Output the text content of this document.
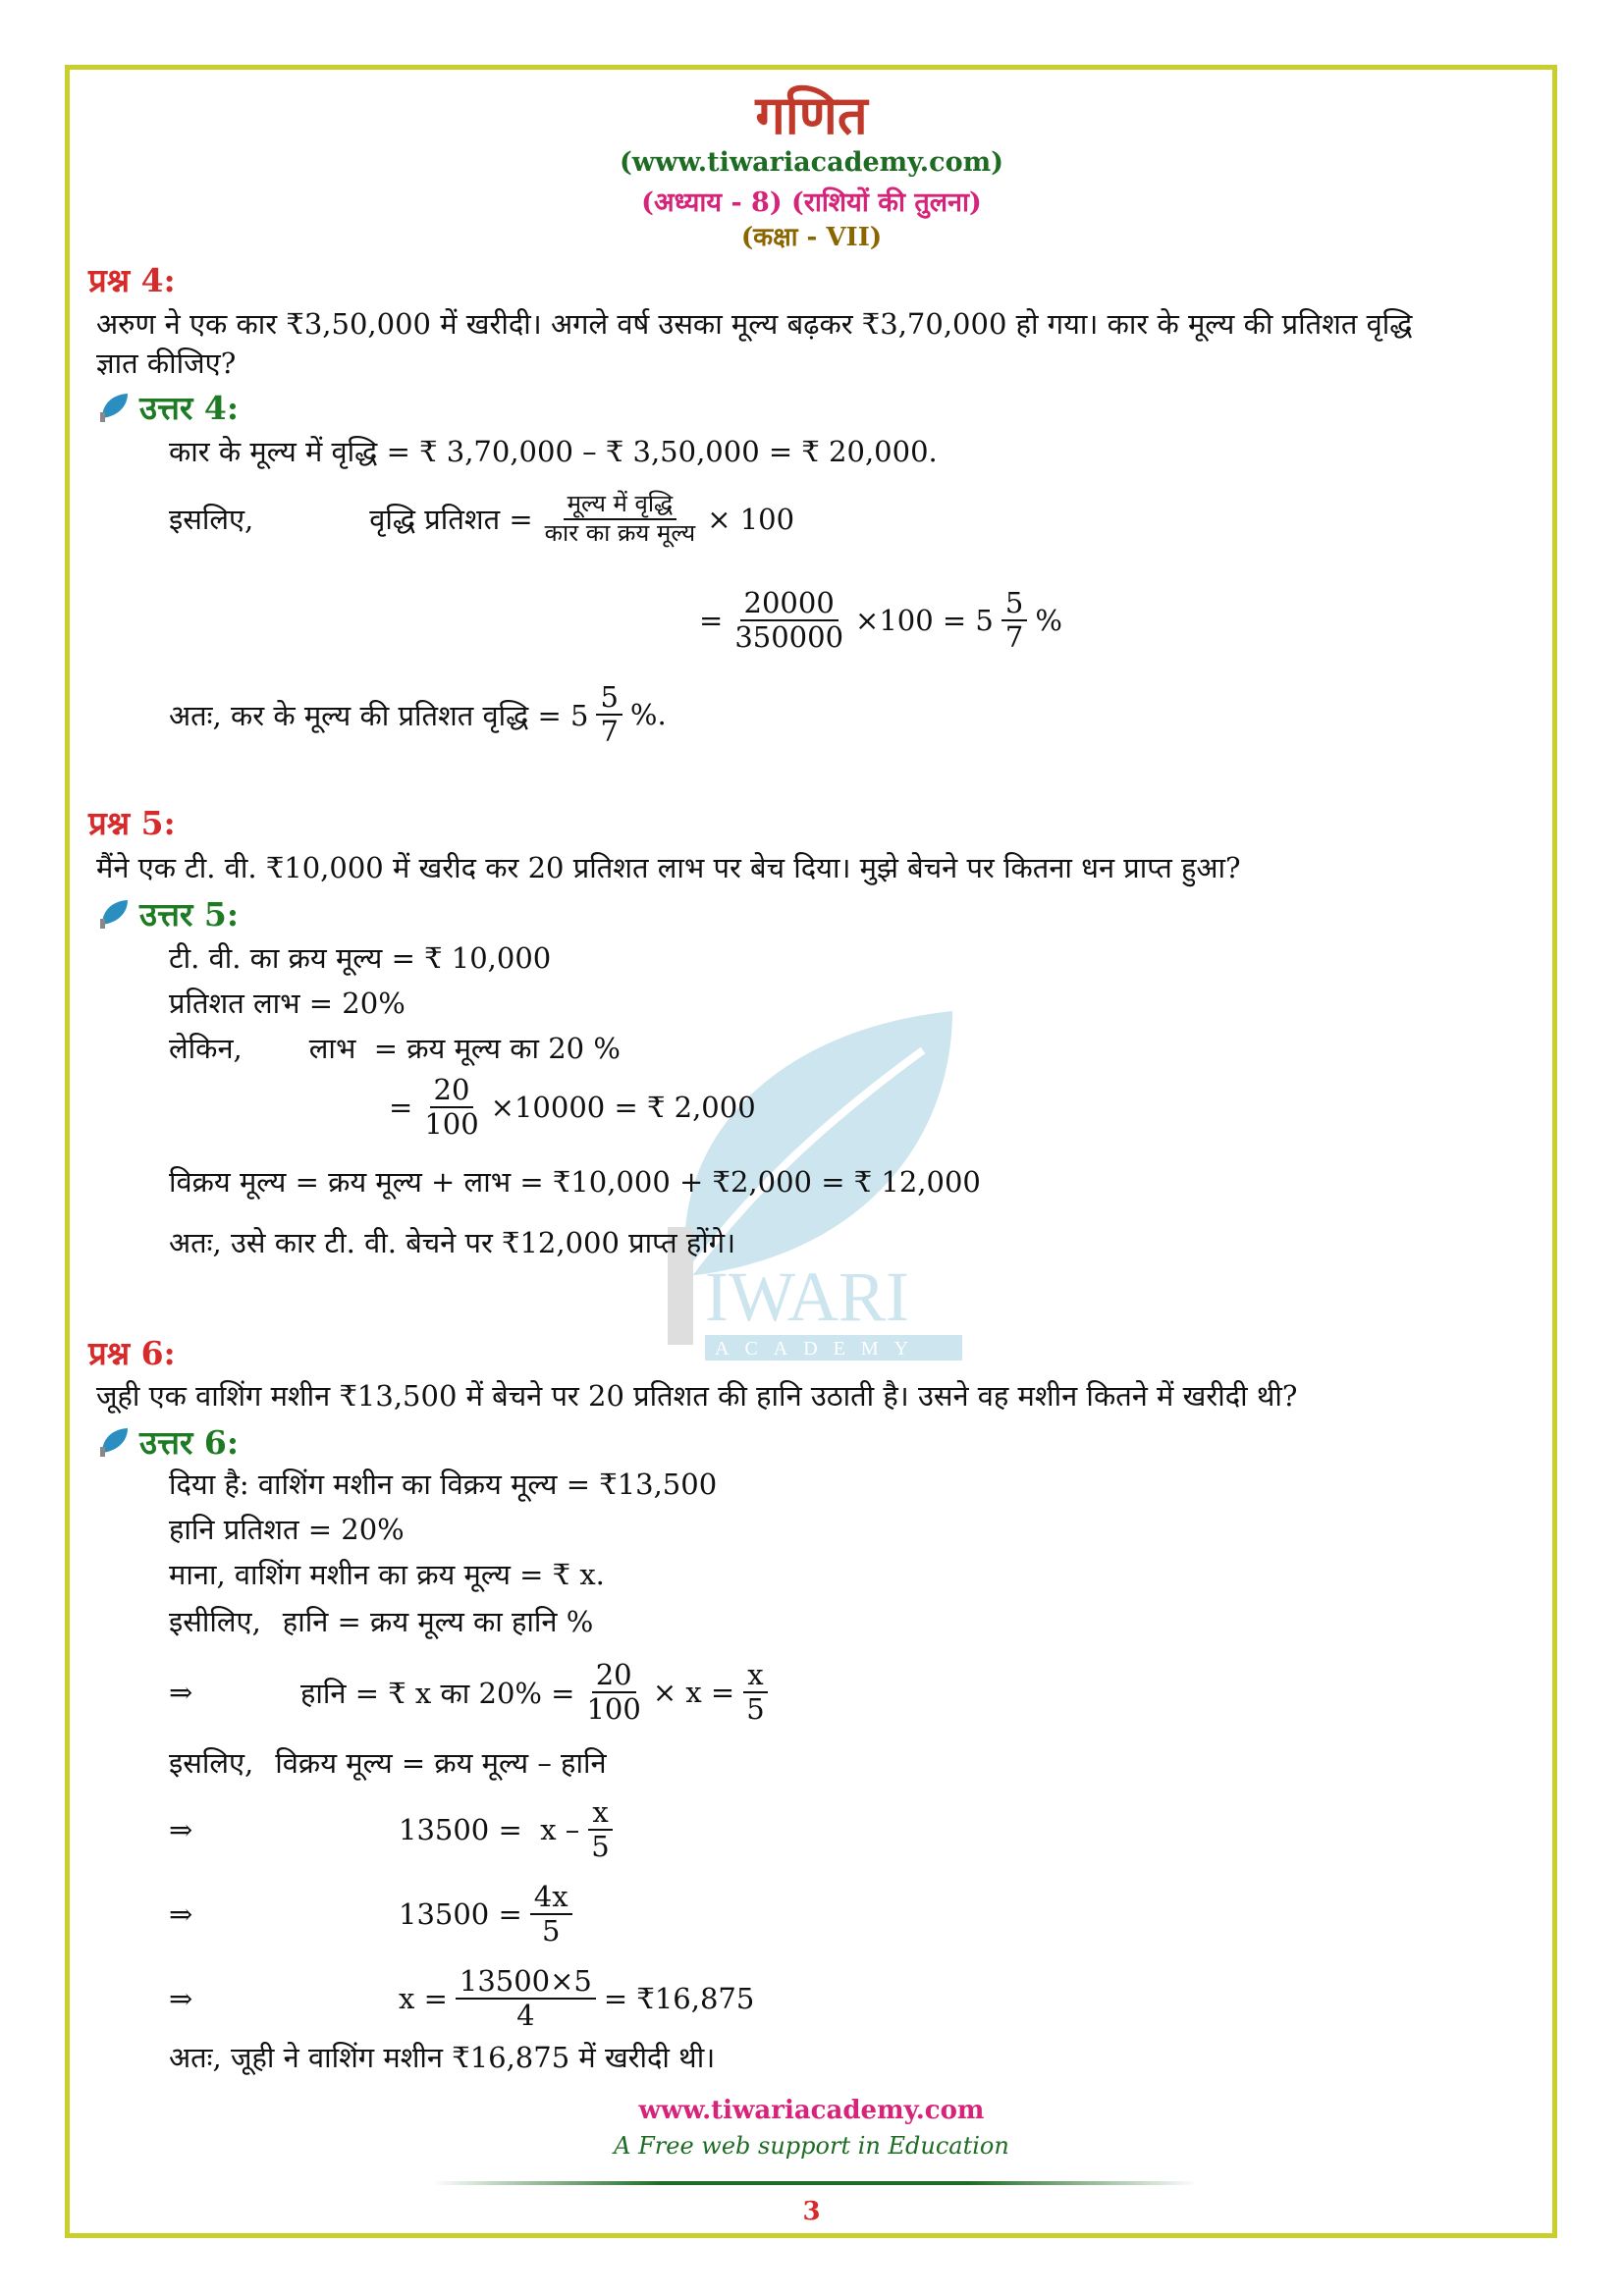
गणित
(www.tiwariacademy.com)
(अध्याय - 8) (राशियों की तुलना)
(कक्षा - VII)
IWARI
ACADEMY
प्रश्न 4:
अरुण ने एक कार ₹3,50,000 में खरीदी। अगले वर्ष उसका मूल्य बढ़कर ₹3,70,000 हो गया। कार के मूल्य की प्रतिशत वृद्धि
ज्ञात कीजिए?
उत्तर 4:
कार के मूल्य में वृद्धि = ₹ 3,70,000 – ₹ 3,50,000 = ₹ 20,000.
इसलिए,	वृद्धि प्रतिशत = $\frac{\text{मूल्य में वृद्धि}}{\text{कार का क्रय मूल्य}} \times 100$
= $\frac{20000}{350000} \times 100 = 5 \frac{5}{7}$ %
अतः, कर के मूल्य की प्रतिशत वृद्धि = $5 \frac{5}{7}$ %.
प्रश्न 5:
मैंने एक टी. वी. ₹10,000 में खरीद कर 20 प्रतिशत लाभ पर बेच दिया। मुझे बेचने पर कितना धन प्राप्त हुआ?
उत्तर 5:
टी. वी. का क्रय मूल्य = ₹ 10,000
प्रतिशत लाभ = 20%
लेकिन, लाभ  = क्रय मूल्य का 20 %
= $\frac{20}{100} \times 10000$ = ₹ 2,000
विक्रय मूल्य = क्रय मूल्य + लाभ = ₹10,000 + ₹2,000 = ₹ 12,000
अतः, उसे कार टी. वी. बेचने पर ₹12,000 प्राप्त होंगे।
प्रश्न 6:
जूही एक वाशिंग मशीन ₹13,500 में बेचने पर 20 प्रतिशत की हानि उठाती है। उसने वह मशीन कितने में खरीदी थी?
उत्तर 6:
दिया है: वाशिंग मशीन का विक्रय मूल्य = ₹13,500
हानि प्रतिशत = 20%
माना, वाशिंग मशीन का क्रय मूल्य = ₹ x.
इसीलिए, हानि = क्रय मूल्य का हानि %
⇒	हानि = ₹ x का $20\% = \frac{20}{100} \times x = \frac{x}{5}$
इसलिए, विक्रय मूल्य = क्रय मूल्य – हानि
⇒	$13500 = x - \frac{x}{5}$
⇒	$13500 = \frac{4x}{5}$
⇒	$x = \frac{13500\times 5}{4}$ = ₹16,875
अतः, जूही ने वाशिंग मशीन ₹16,875 में खरीदी थी।
www.tiwariacademy.com
A Free web support in Education
3
